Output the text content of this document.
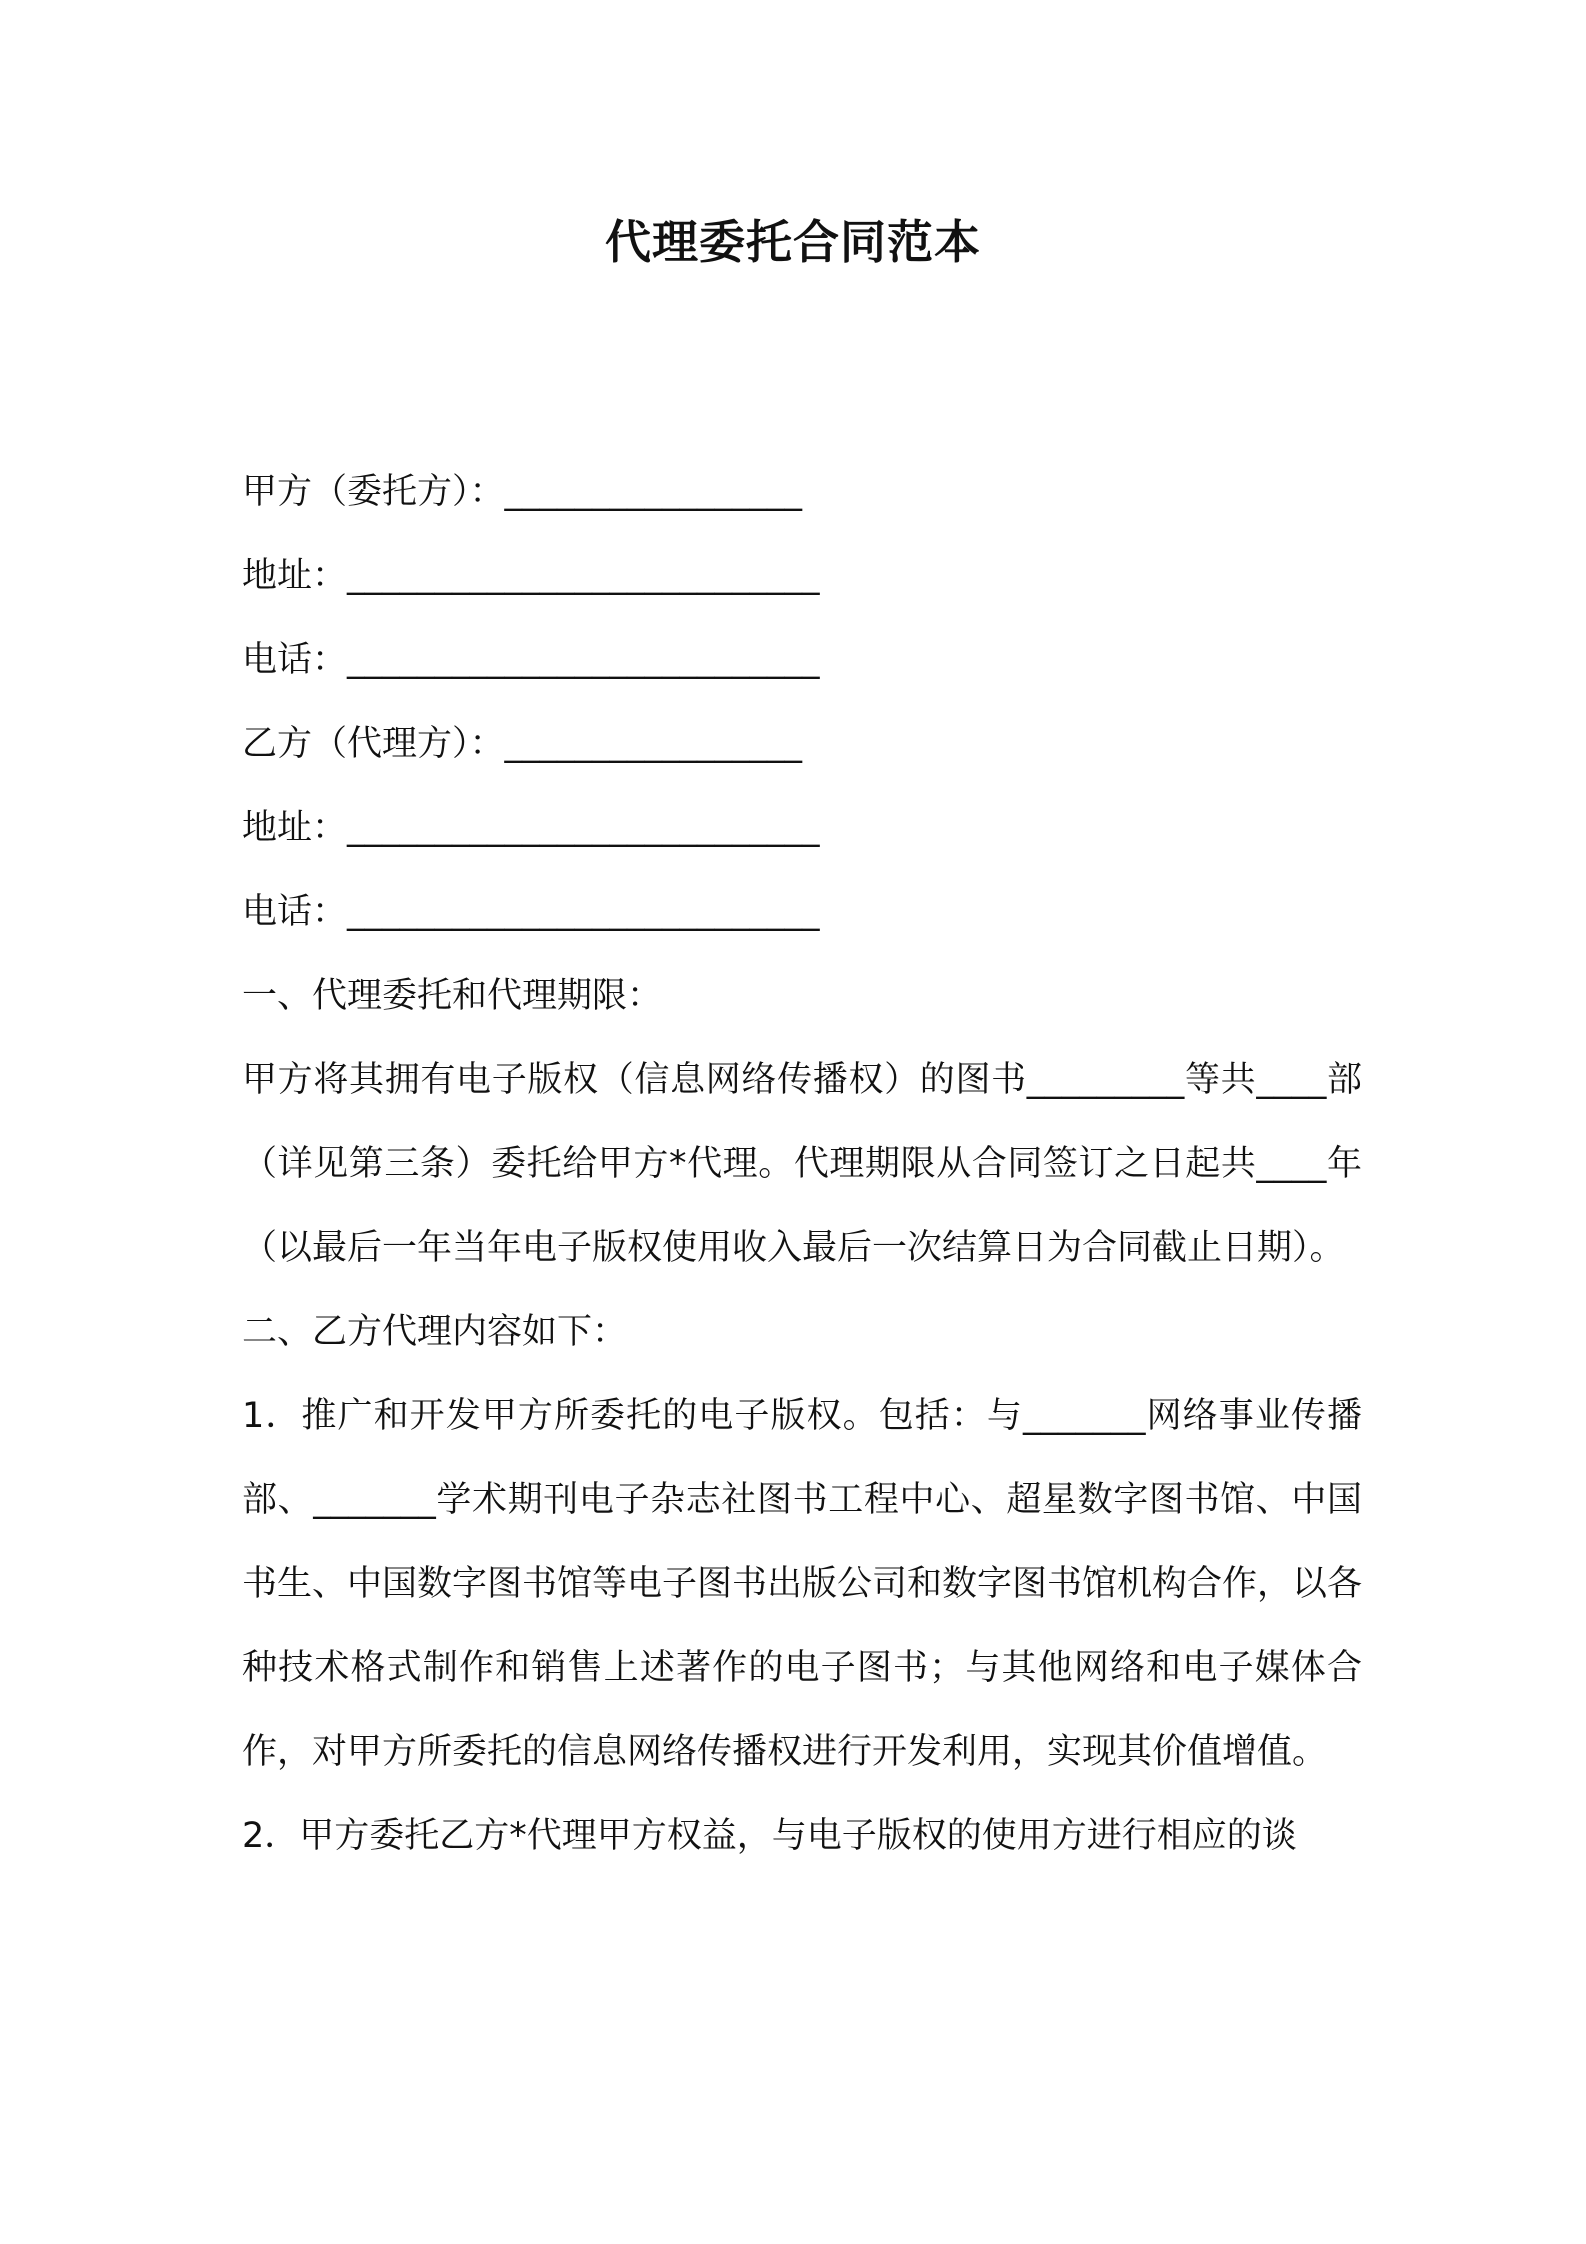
代理委托合同范本
甲方（委托方）：_________________
地址：___________________________
电话：___________________________
乙方（代理方）：_________________
地址：___________________________
电话：___________________________
一、代理委托和代理期限：
甲方将其拥有电子版权（信息网络传播权）的图书_________等共____部（详见第三条）委托给甲方*代理。代理期限从合同签订之日起共____年（以最后一年当年电子版权使用收入最后一次结算日为合同截止日期）。
二、乙方代理内容如下：
1．推广和开发甲方所委托的电子版权。包括：与_______网络事业传播部、_______学术期刊电子杂志社图书工程中心、超星数字图书馆、中国书生、中国数字图书馆等电子图书出版公司和数字图书馆机构合作，以各种技术格式制作和销售上述著作的电子图书；与其他网络和电子媒体合作，对甲方所委托的信息网络传播权进行开发利用，实现其价值增值。
2．甲方委托乙方*代理甲方权益，与电子版权的使用方进行相应的谈
